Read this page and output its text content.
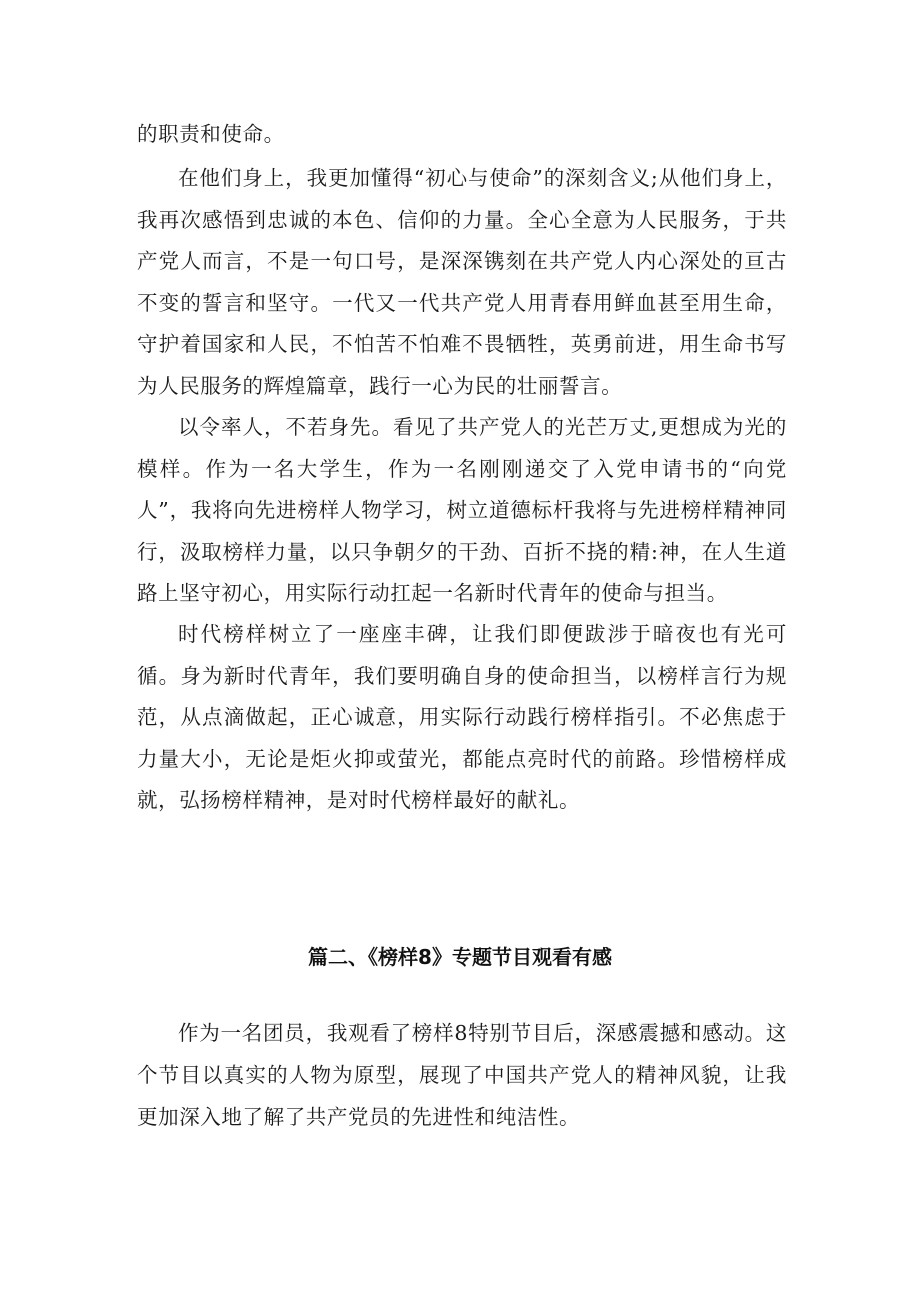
的职责和使命。

在他们身上，我更加懂得“初心与使命”的深刻含义;从他们身上，我再次感悟到忠诚的本色、信仰的力量。全心全意为人民服务，于共产党人而言，不是一句口号，是深深镌刻在共产党人内心深处的亘古不变的誓言和坚守。一代又一代共产党人用青春用鲜血甚至用生命，守护着国家和人民，不怕苦不怕难不畏牺牲，英勇前进，用生命书写为人民服务的辉煌篇章，践行一心为民的壮丽誓言。

以令率人，不若身先。看见了共产党人的光芒万丈,更想成为光的模样。作为一名大学生，作为一名刚刚递交了入党申请书的“向党人”，我将向先进榜样人物学习，树立道德标杆我将与先进榜样精神同行，汲取榜样力量，以只争朝夕的干劲、百折不挠的精:神，在人生道路上坚守初心，用实际行动扛起一名新时代青年的使命与担当。

时代榜样树立了一座座丰碑，让我们即便跋涉于暗夜也有光可循。身为新时代青年，我们要明确自身的使命担当，以榜样言行为规范，从点滴做起，正心诚意，用实际行动践行榜样指引。不必焦虑于力量大小，无论是炬火抑或萤光，都能点亮时代的前路。珍惜榜样成就，弘扬榜样精神，是对时代榜样最好的献礼。

篇二、《榜样8》专题节目观看有感

作为一名团员，我观看了榜样8特别节目后，深感震撼和感动。这个节目以真实的人物为原型，展现了中国共产党人的精神风貌，让我更加深入地了解了共产党员的先进性和纯洁性。
